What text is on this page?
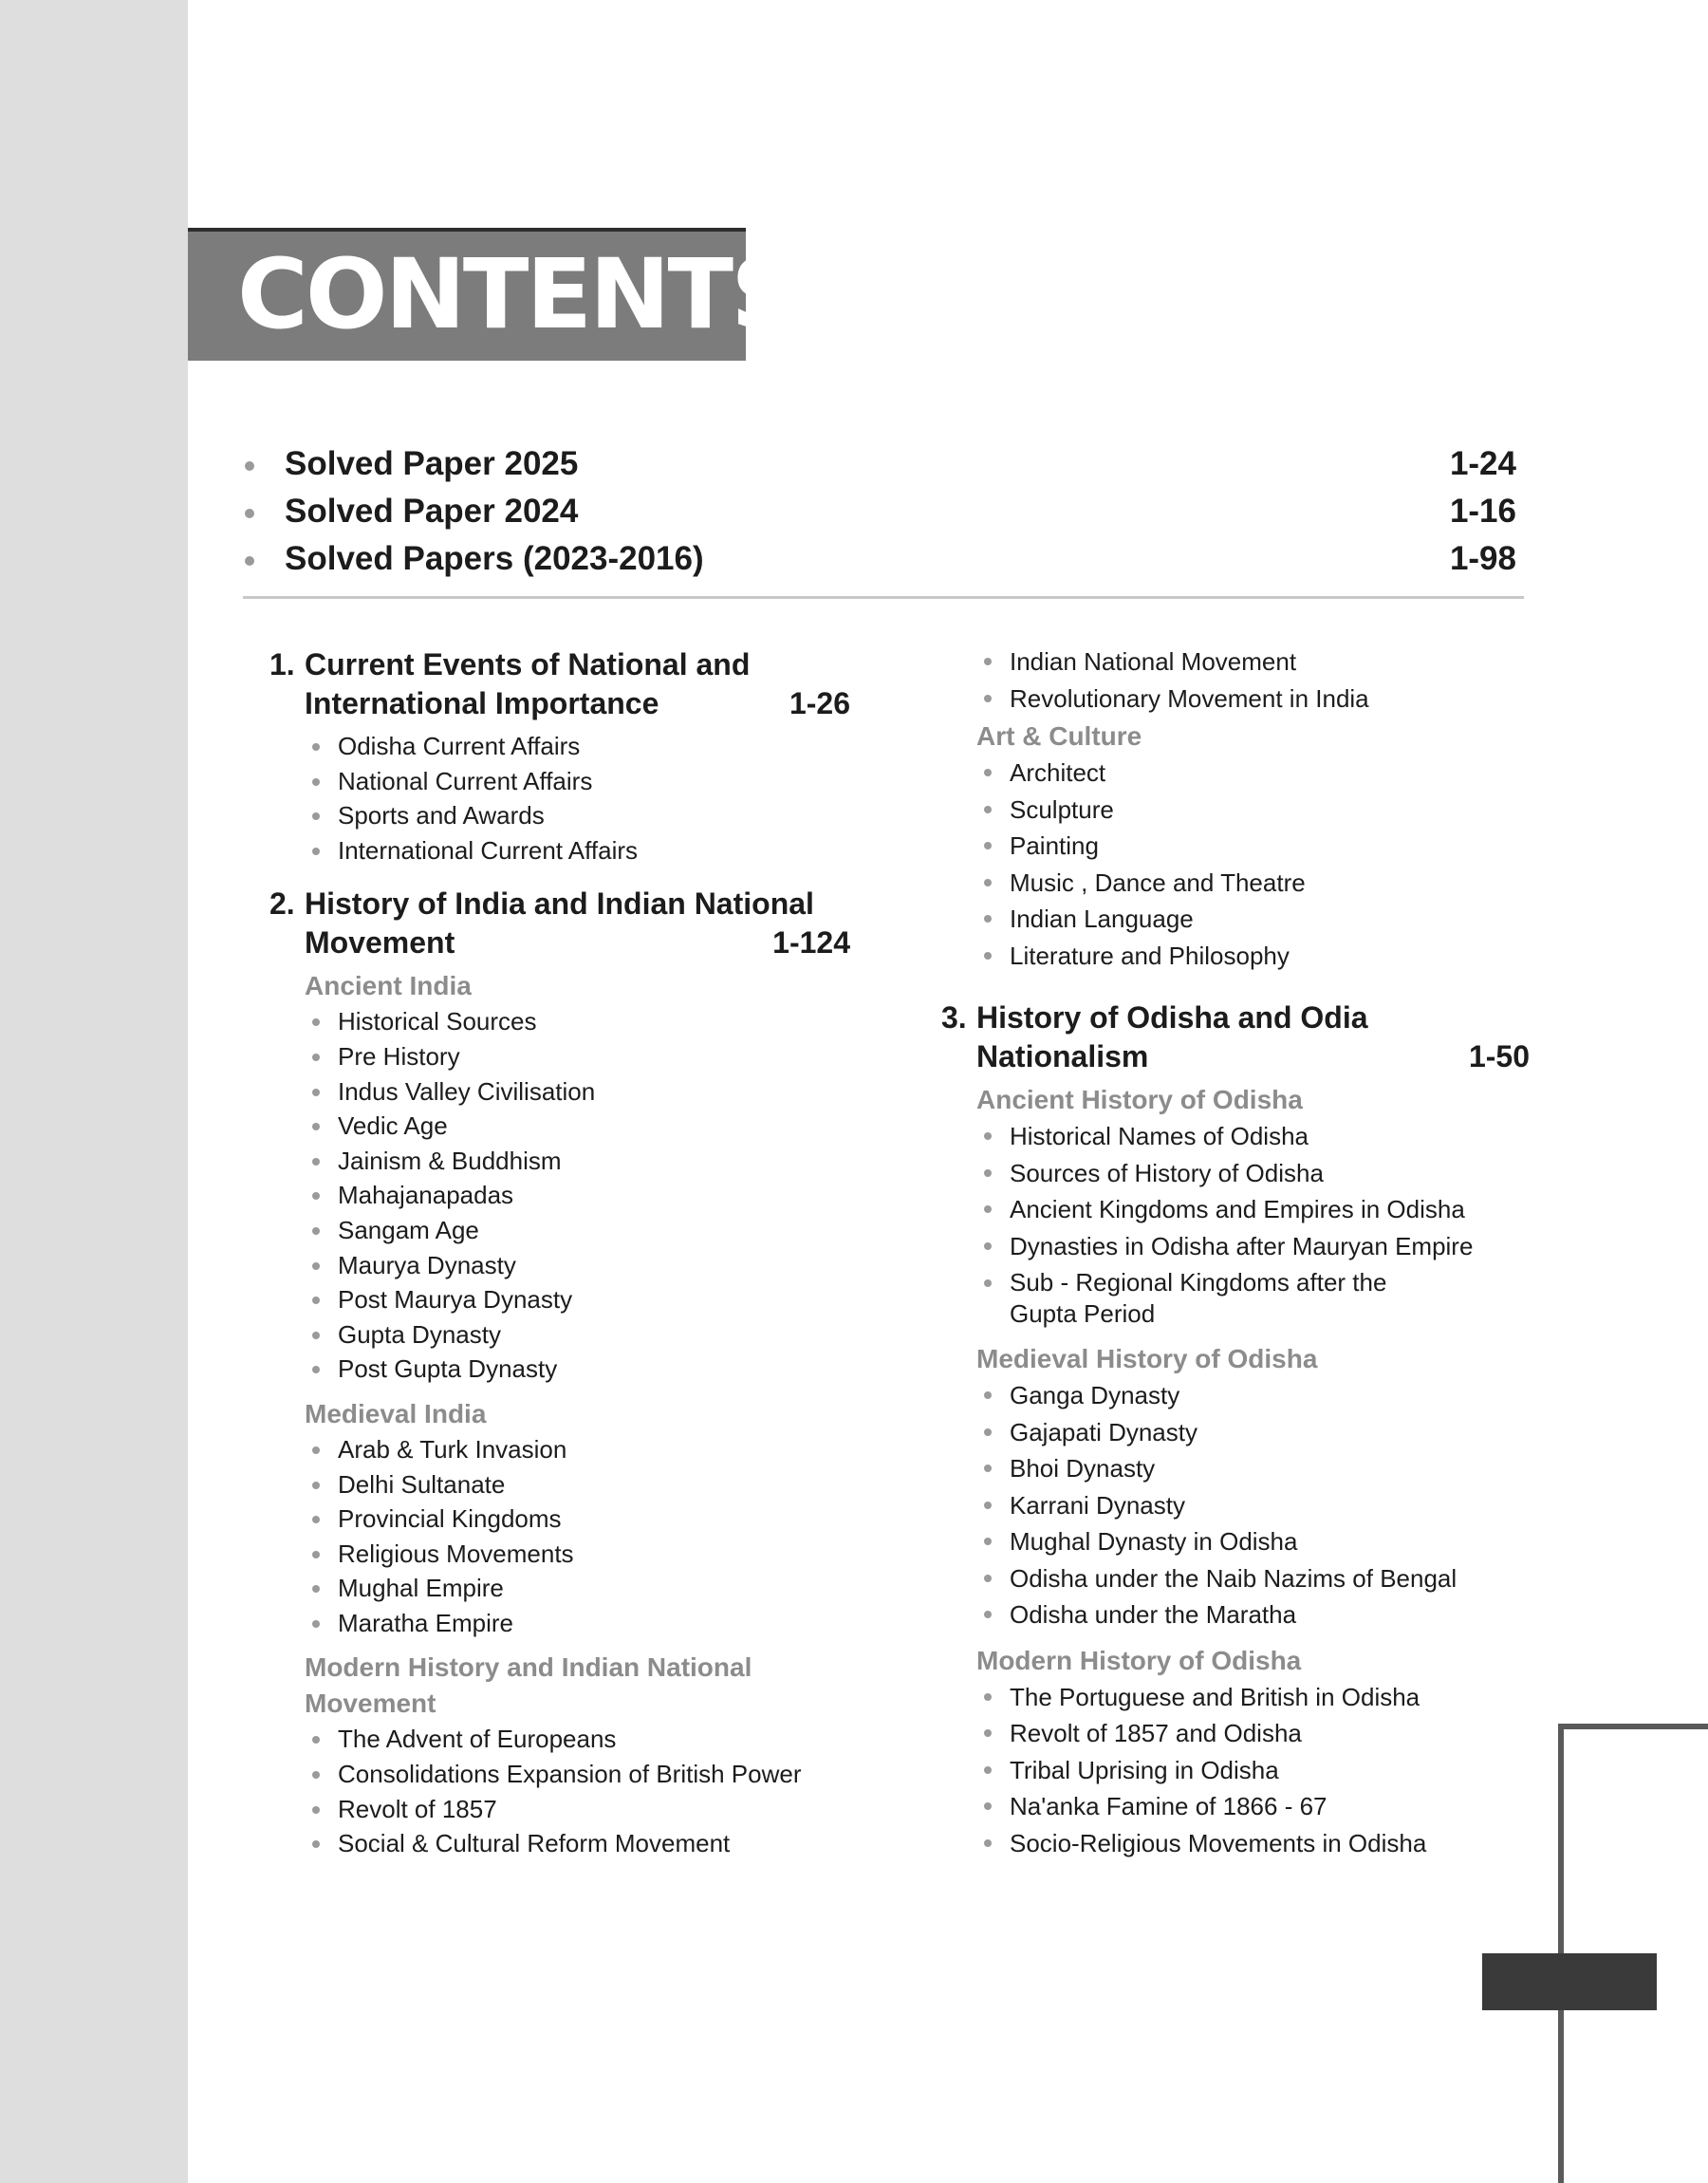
CONTENTS
Solved Paper 2025	1-24
Solved Paper 2024	1-16
Solved Papers (2023-2016)	1-98
1. Current Events of National and
International Importance	1-26
Odisha Current Affairs
National Current Affairs
Sports and Awards
International Current Affairs
2. History of India and Indian National
Movement	1-124
Ancient India
Historical Sources
Pre History
Indus Valley Civilisation
Vedic Age
Jainism & Buddhism
Mahajanapadas
Sangam Age
Maurya Dynasty
Post Maurya Dynasty
Gupta Dynasty
Post Gupta Dynasty
Medieval India
Arab & Turk Invasion
Delhi Sultanate
Provincial Kingdoms
Religious Movements
Mughal Empire
Maratha Empire
Modern History and Indian National
Movement
The Advent of Europeans
Consolidations Expansion of British Power
Revolt of 1857
Social & Cultural Reform Movement
Indian National Movement
Revolutionary Movement in India
Art & Culture
Architect
Sculpture
Painting
Music , Dance and Theatre
Indian Language
Literature and Philosophy
3. History of Odisha and Odia
Nationalism	1-50
Ancient History of Odisha
Historical Names of Odisha
Sources of History of Odisha
Ancient Kingdoms and Empires in Odisha
Dynasties in Odisha after Mauryan Empire
Sub - Regional Kingdoms after the
Gupta Period
Medieval History of Odisha
Ganga Dynasty
Gajapati Dynasty
Bhoi Dynasty
Karrani Dynasty
Mughal Dynasty in Odisha
Odisha under the Naib Nazims of Bengal
Odisha under the Maratha
Modern History of Odisha
The Portuguese and British in Odisha
Revolt of 1857 and Odisha
Tribal Uprising in Odisha
Na'anka Famine of 1866 - 67
Socio-Religious Movements in Odisha
